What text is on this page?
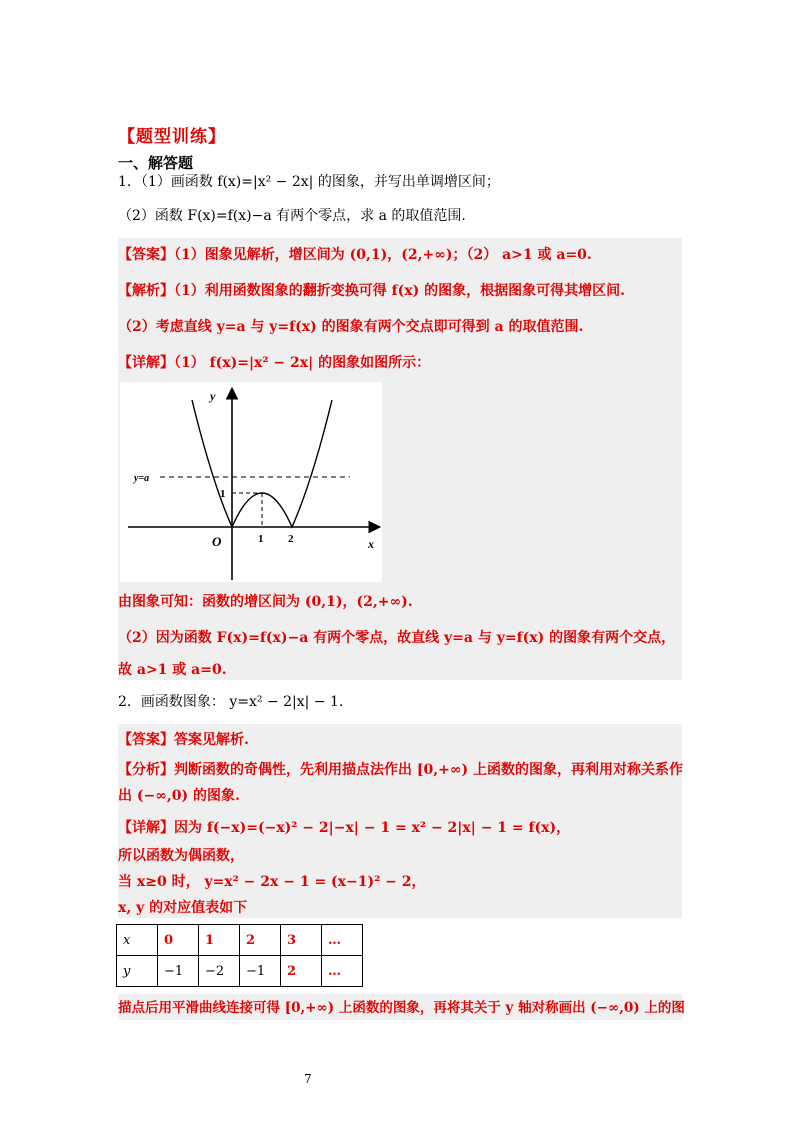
【题型训练】
一、解答题
1．（1）画函数 f(x)=|x² − 2x| 的图象，并写出单调增区间；
（2）函数 F(x)=f(x)−a 有两个零点，求 a 的取值范围.
【答案】（1）图象见解析，增区间为 (0,1)，(2,+∞)；（2） a>1 或 a=0.
【解析】（1）利用函数图象的翻折变换可得 f(x) 的图象，根据图象可得其增区间.
（2）考虑直线 y=a 与 y=f(x) 的图象有两个交点即可得到 a 的取值范围.
【详解】（1） f(x)=|x² − 2x| 的图象如图所示：
y
x
O
y=a
1
1 2
由图象可知：函数的增区间为 (0,1)，(2,+∞).
（2）因为函数 F(x)=f(x)−a 有两个零点，故直线 y=a 与 y=f(x) 的图象有两个交点，
故 a>1 或 a=0.
2．画函数图象： y=x² − 2|x| − 1.
【答案】答案见解析.
【分析】判断函数的奇偶性，先利用描点法作出 [0,+∞) 上函数的图象，再利用对称关系作
出 (−∞,0) 的图象.
【详解】因为 f(−x)=(−x)² − 2|−x| − 1 = x² − 2|x| − 1 = f(x)，
所以函数为偶函数，
当 x≥0 时， y=x² − 2x − 1 = (x−1)² − 2，
x, y 的对应值表如下
x	0	1	2	3	…
y	−1	−2	−1	2	…
描点后用平滑曲线连接可得 [0,+∞) 上函数的图象，再将其关于 y 轴对称画出 (−∞,0) 上的图
7
